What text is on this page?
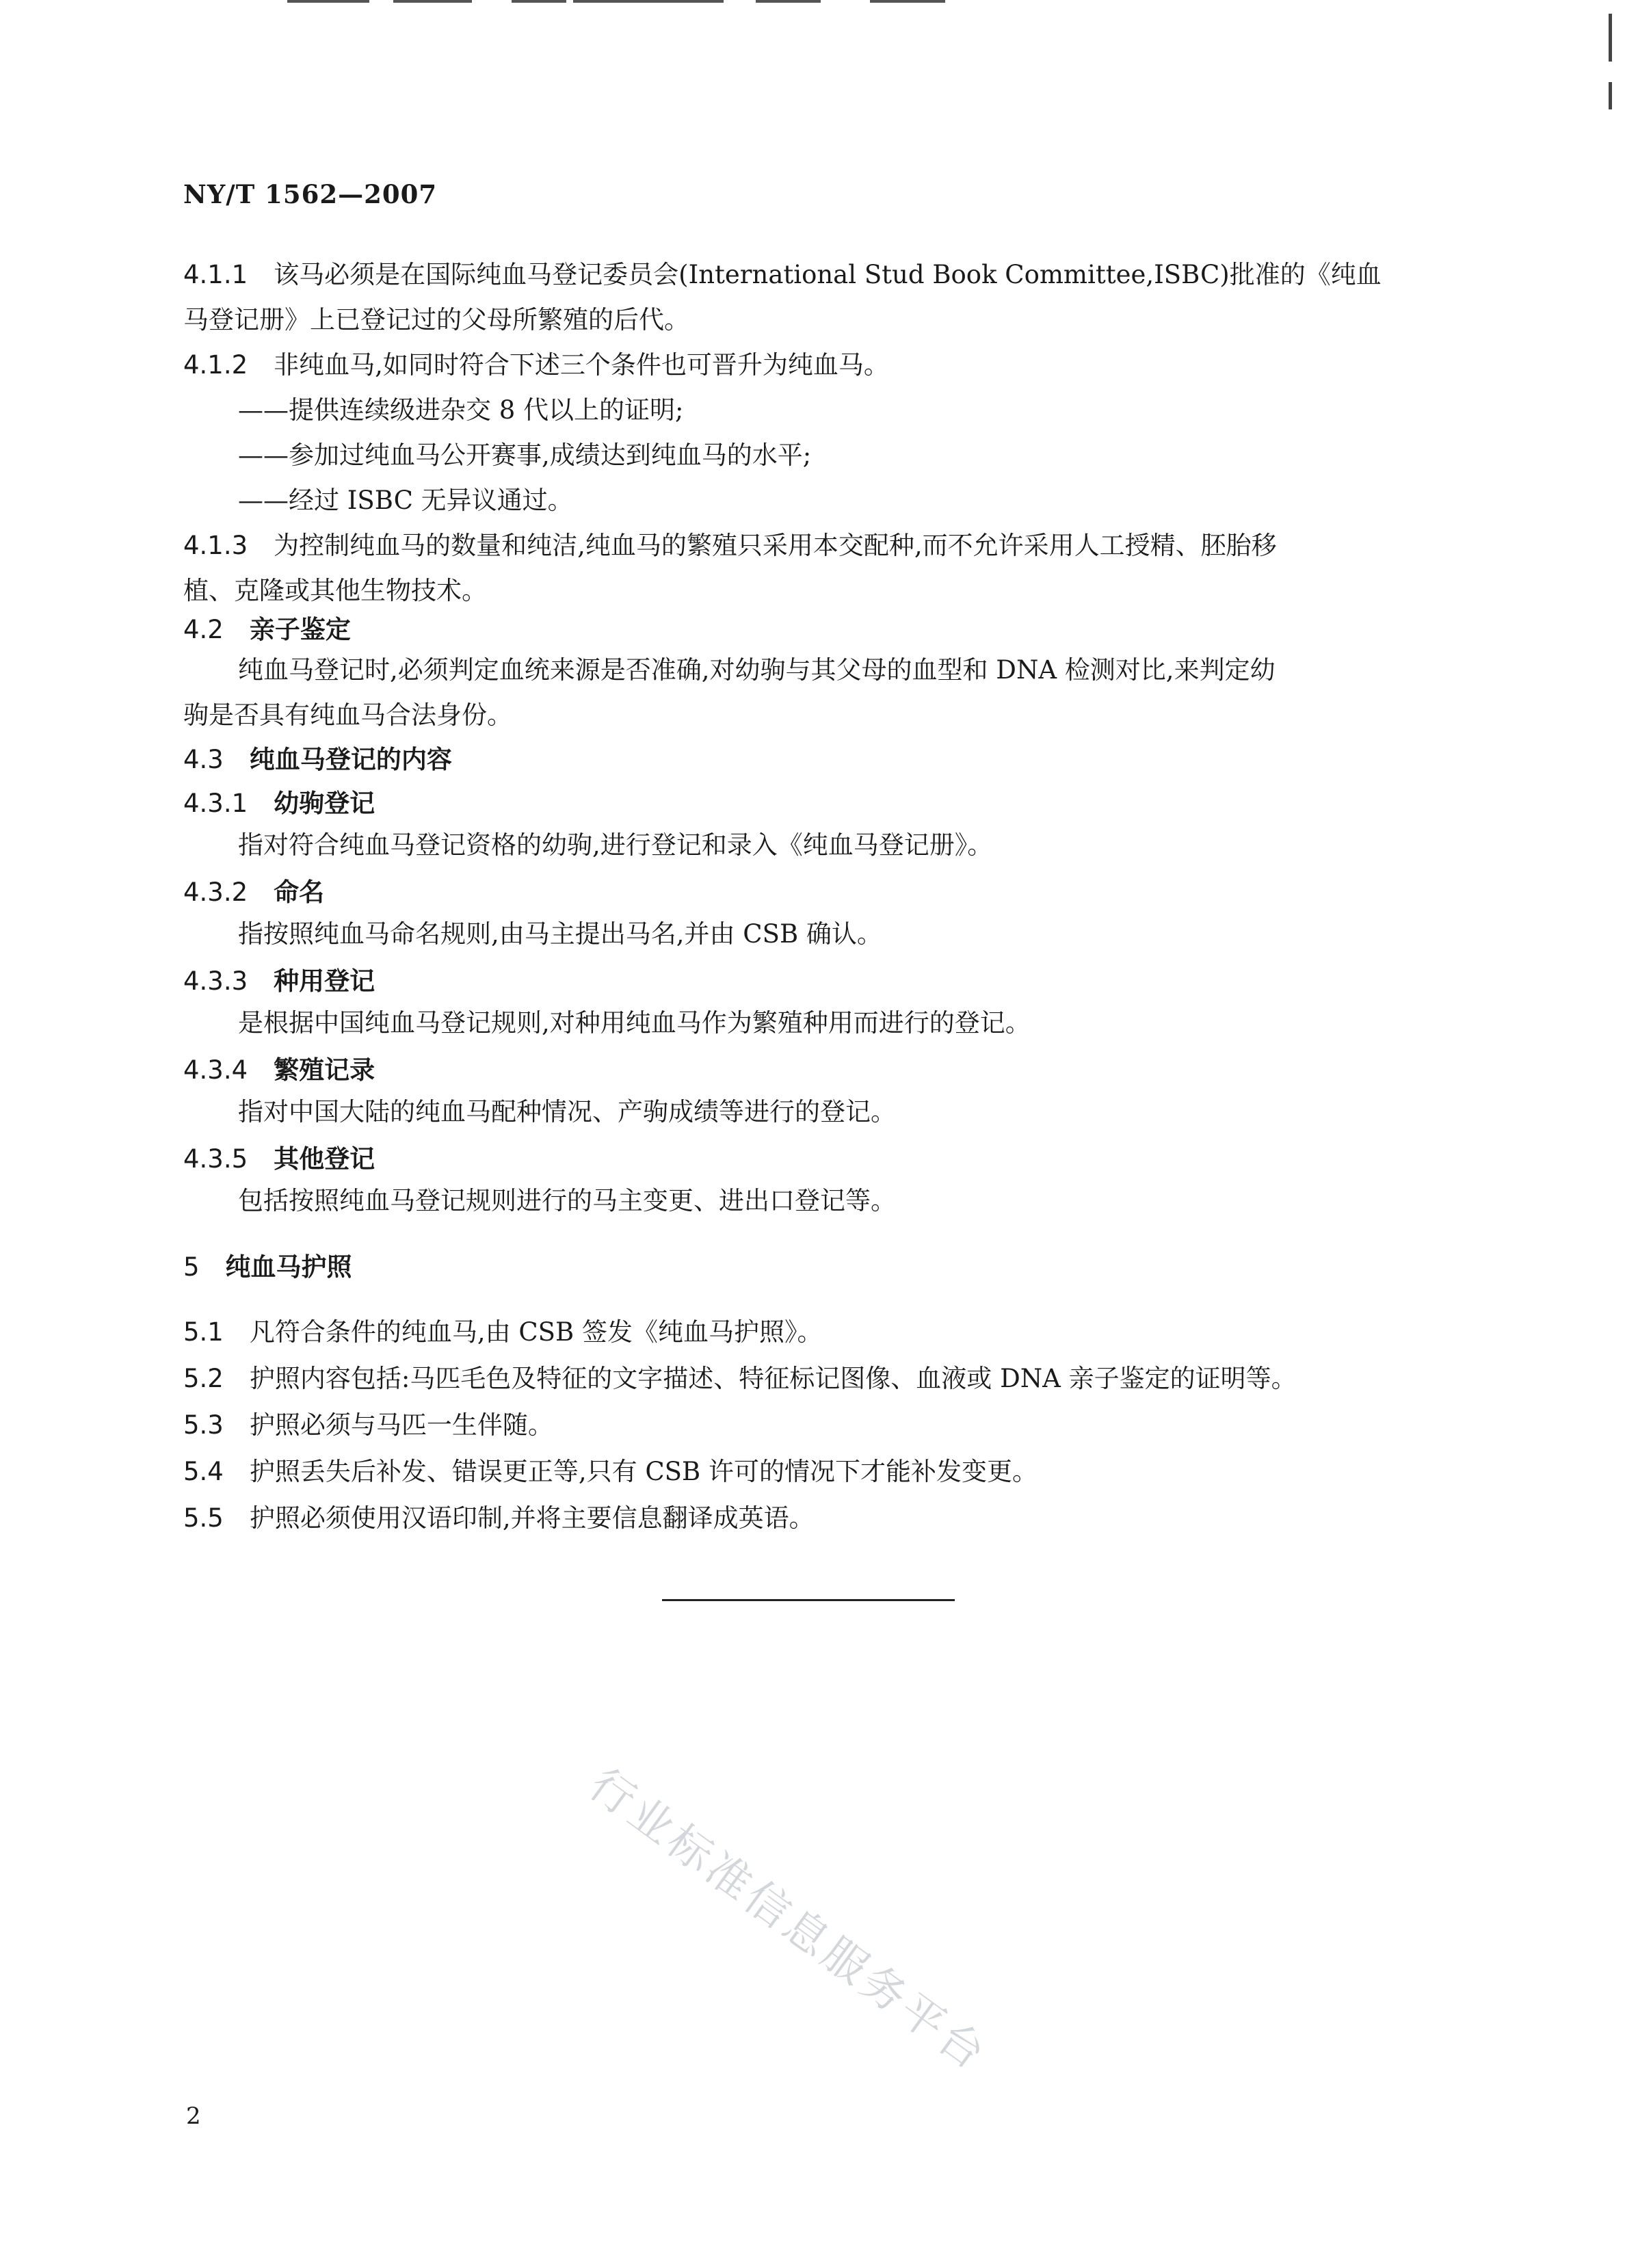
NY/T 1562—2007
4.1.1 该马必须是在国际纯血马登记委员会(International Stud Book Committee,ISBC)批准的《纯血
马登记册》上已登记过的父母所繁殖的后代。
4.1.2 非纯血马,如同时符合下述三个条件也可晋升为纯血马。
——提供连续级进杂交 8 代以上的证明;
——参加过纯血马公开赛事,成绩达到纯血马的水平;
——经过 ISBC 无异议通过。
4.1.3 为控制纯血马的数量和纯洁,纯血马的繁殖只采用本交配种,而不允许采用人工授精、胚胎移
植、克隆或其他生物技术。
4.2 亲子鉴定
纯血马登记时,必须判定血统来源是否准确,对幼驹与其父母的血型和 DNA 检测对比,来判定幼
驹是否具有纯血马合法身份。
4.3 纯血马登记的内容
4.3.1 幼驹登记
指对符合纯血马登记资格的幼驹,进行登记和录入《纯血马登记册》。
4.3.2 命名
指按照纯血马命名规则,由马主提出马名,并由 CSB 确认。
4.3.3 种用登记
是根据中国纯血马登记规则,对种用纯血马作为繁殖种用而进行的登记。
4.3.4 繁殖记录
指对中国大陆的纯血马配种情况、产驹成绩等进行的登记。
4.3.5 其他登记
包括按照纯血马登记规则进行的马主变更、进出口登记等。
5 纯血马护照
5.1 凡符合条件的纯血马,由 CSB 签发《纯血马护照》。
5.2 护照内容包括:马匹毛色及特征的文字描述、特征标记图像、血液或 DNA 亲子鉴定的证明等。
5.3 护照必须与马匹一生伴随。
5.4 护照丢失后补发、错误更正等,只有 CSB 许可的情况下才能补发变更。
5.5 护照必须使用汉语印制,并将主要信息翻译成英语。
行业标准信息服务平台
2
